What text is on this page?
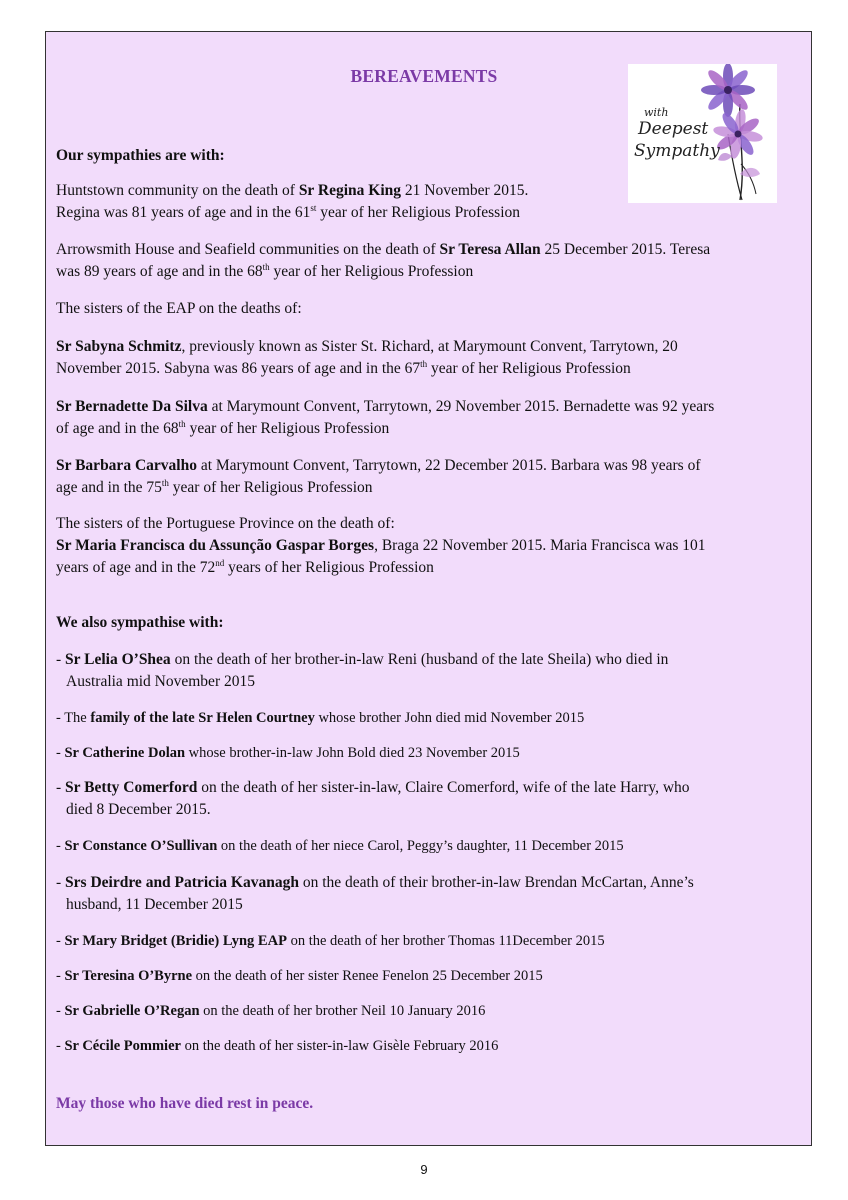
BEREAVEMENTS
with
Deepest
Sympathy
Our sympathies are with:
Huntstown community on the death of Sr Regina King 21 November 2015.
Regina was 81 years of age and in the 61st year of her Religious Profession
Arrowsmith House and Seafield communities on the death of Sr Teresa Allan 25 December 2015. Teresa
was 89 years of age and in the 68th year of her Religious Profession
The sisters of the EAP on the deaths of:
Sr Sabyna Schmitz, previously known as Sister St. Richard, at Marymount Convent, Tarrytown, 20
November 2015. Sabyna was 86 years of age and in the 67th year of her Religious Profession
Sr Bernadette Da Silva at Marymount Convent, Tarrytown, 29 November 2015. Bernadette was 92 years
of age and in the 68th year of her Religious Profession
Sr Barbara Carvalho at Marymount Convent, Tarrytown, 22 December 2015. Barbara was 98 years of
age and in the 75th year of her Religious Profession
The sisters of the Portuguese Province on the death of:
Sr Maria Francisca du Assunção Gaspar Borges, Braga 22 November 2015. Maria Francisca was 101
years of age and in the 72nd years of her Religious Profession
We also sympathise with:
- Sr Lelia O’Shea on the death of her brother-in-law Reni (husband of the late Sheila) who died in
Australia mid November 2015
- The family of the late Sr Helen Courtney whose brother John died mid November 2015
- Sr Catherine Dolan whose brother-in-law John Bold died 23 November 2015
- Sr Betty Comerford on the death of her sister-in-law, Claire Comerford, wife of the late Harry, who
died 8 December 2015.
- Sr Constance O’Sullivan on the death of her niece Carol, Peggy’s daughter, 11 December 2015
- Srs Deirdre and Patricia Kavanagh on the death of their brother-in-law Brendan McCartan, Anne’s
husband, 11 December 2015
- Sr Mary Bridget (Bridie) Lyng EAP on the death of her brother Thomas 11December 2015
- Sr Teresina O’Byrne on the death of her sister Renee Fenelon 25 December 2015
- Sr Gabrielle O’Regan on the death of her brother Neil 10 January 2016
- Sr Cécile Pommier on the death of her sister-in-law Gisèle February 2016
May those who have died rest in peace.
9
